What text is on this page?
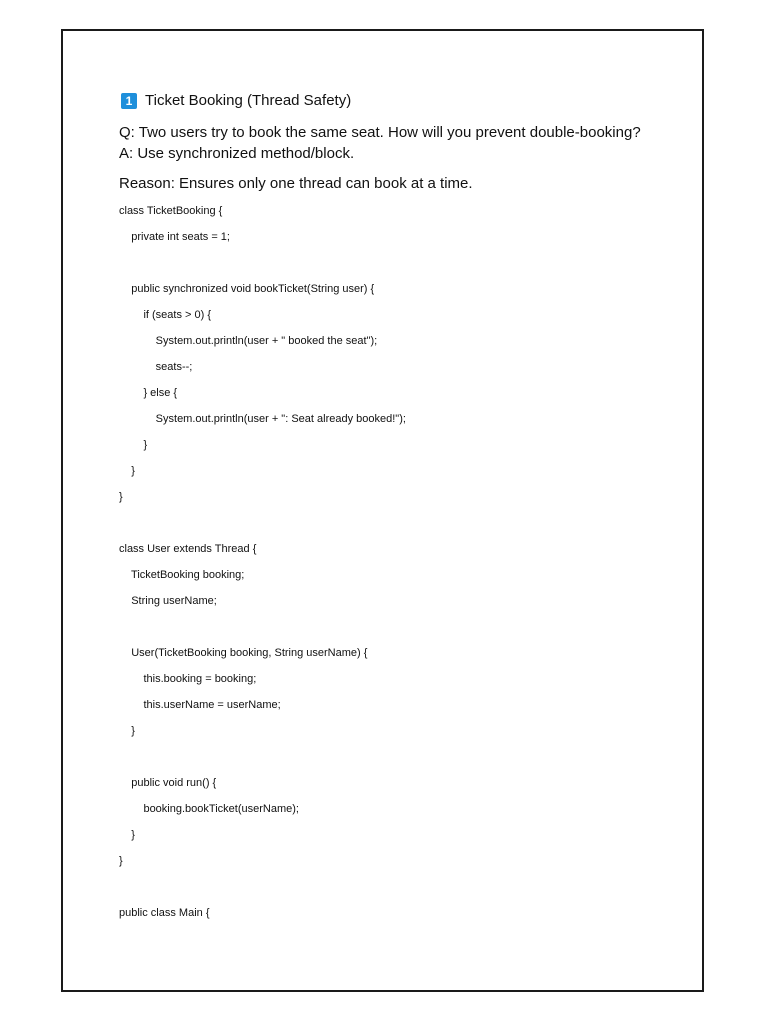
1 Ticket Booking (Thread Safety)
Q: Two users try to book the same seat. How will you prevent double-booking?
A: Use synchronized method/block.
Reason: Ensures only one thread can book at a time.
class TicketBooking {
private int seats = 1;
public synchronized void bookTicket(String user) {
if (seats > 0) {
System.out.println(user + " booked the seat");
seats--;
} else {
System.out.println(user + ": Seat already booked!");
}
}
}
class User extends Thread {
TicketBooking booking;
String userName;
User(TicketBooking booking, String userName) {
this.booking = booking;
this.userName = userName;
}
public void run() {
booking.bookTicket(userName);
}
}
public class Main {
